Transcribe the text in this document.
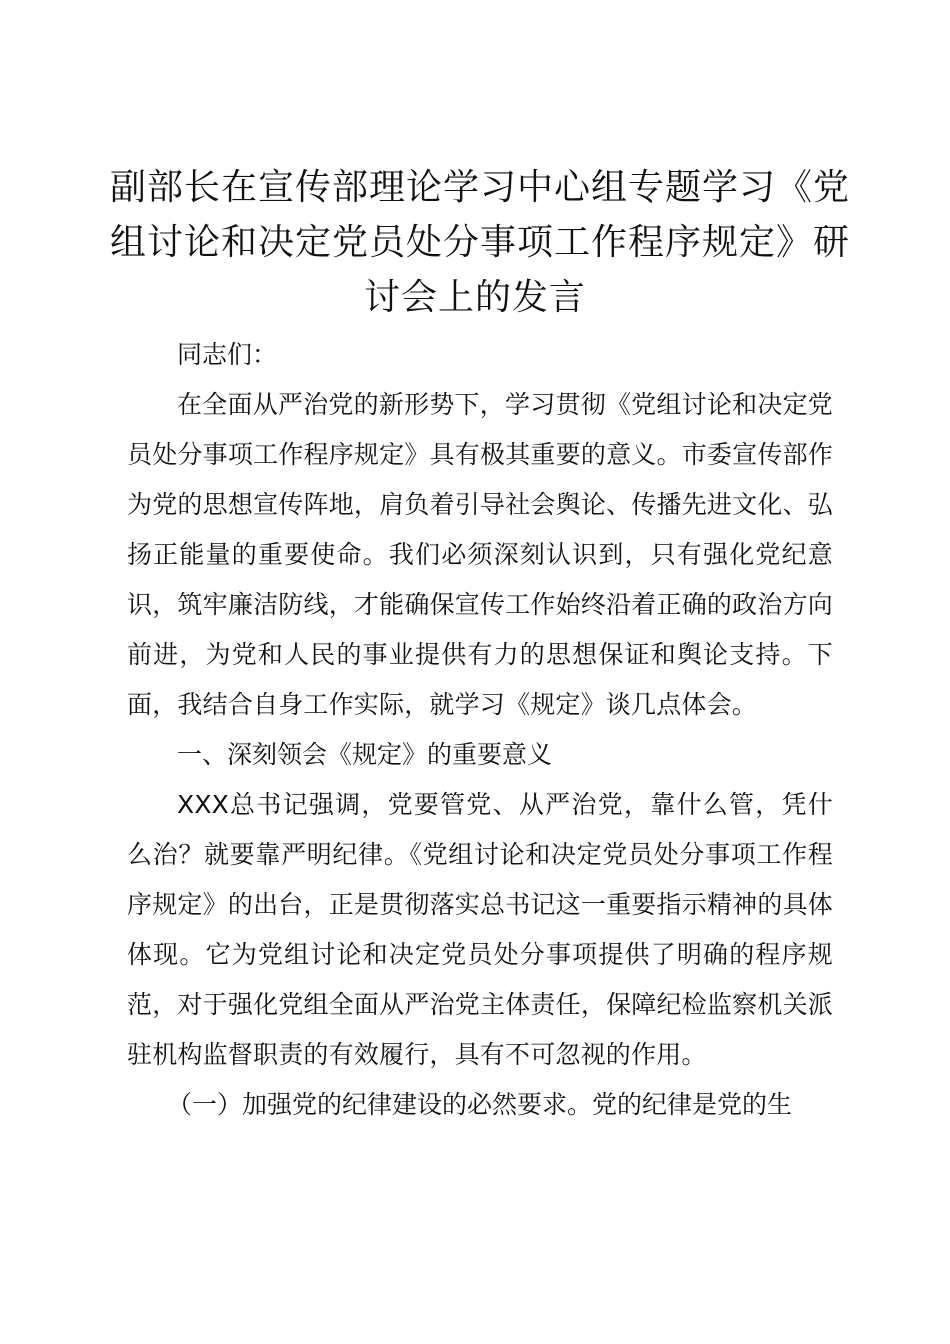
副部长在宣传部理论学习中心组专题学习《党
组讨论和决定党员处分事项工作程序规定》研
讨会上的发言

同志们：

在全面从严治党的新形势下，学习贯彻《党组讨论和决定党员处分事项工作程序规定》具有极其重要的意义。市委宣传部作为党的思想宣传阵地，肩负着引导社会舆论、传播先进文化、弘扬正能量的重要使命。我们必须深刻认识到，只有强化党纪意识，筑牢廉洁防线，才能确保宣传工作始终沿着正确的政治方向前进，为党和人民的事业提供有力的思想保证和舆论支持。下面，我结合自身工作实际，就学习《规定》谈几点体会。

一、深刻领会《规定》的重要意义

XXX总书记强调，党要管党、从严治党，靠什么管，凭什么治？就要靠严明纪律。《党组讨论和决定党员处分事项工作程序规定》的出台，正是贯彻落实总书记这一重要指示精神的具体体现。它为党组讨论和决定党员处分事项提供了明确的程序规范，对于强化党组全面从严治党主体责任，保障纪检监察机关派驻机构监督职责的有效履行，具有不可忽视的作用。

（一）加强党的纪律建设的必然要求。党的纪律是党的生
